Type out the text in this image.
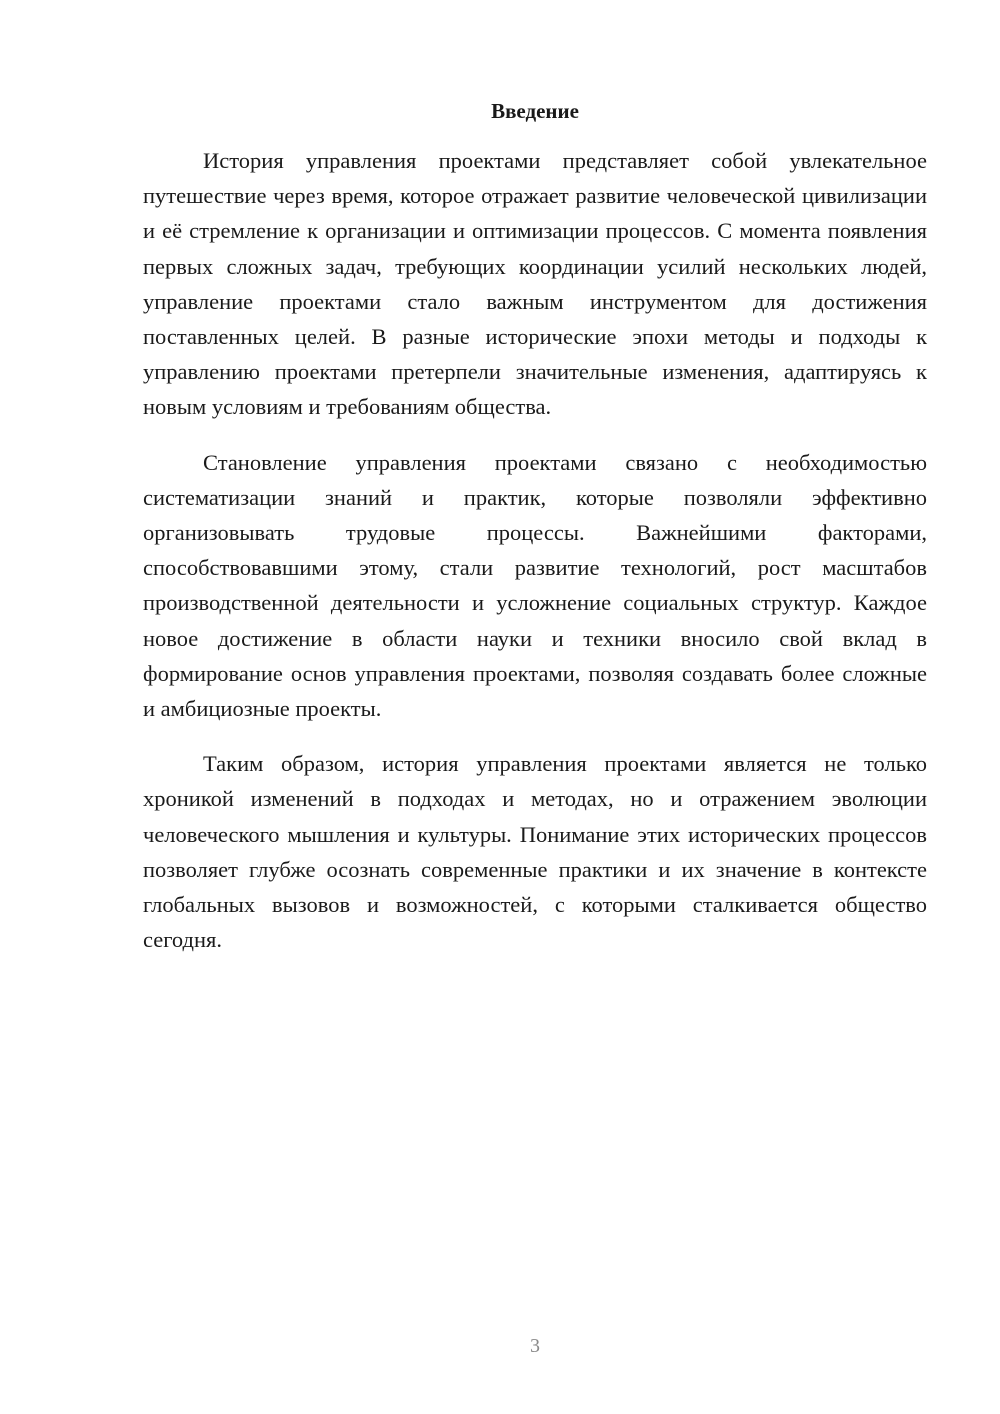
Введение

История управления проектами представляет собой увлекательное путешествие через время, которое отражает развитие человеческой цивилизации и её стремление к организации и оптимизации процессов. С момента появления первых сложных задач, требующих координации усилий нескольких людей, управление проектами стало важным инструментом для достижения поставленных целей. В разные исторические эпохи методы и подходы к управлению проектами претерпели значительные изменения, адаптируясь к новым условиям и требованиям общества.

Становление управления проектами связано с необходимостью систематизации знаний и практик, которые позволяли эффективно организовывать трудовые процессы. Важнейшими факторами, способствовавшими этому, стали развитие технологий, рост масштабов производственной деятельности и усложнение социальных структур. Каждое новое достижение в области науки и техники вносило свой вклад в формирование основ управления проектами, позволяя создавать более сложные и амбициозные проекты.

Таким образом, история управления проектами является не только хроникой изменений в подходах и методах, но и отражением эволюции человеческого мышления и культуры. Понимание этих исторических процессов позволяет глубже осознать современные практики и их значение в контексте глобальных вызовов и возможностей, с которыми сталкивается общество сегодня.

3
